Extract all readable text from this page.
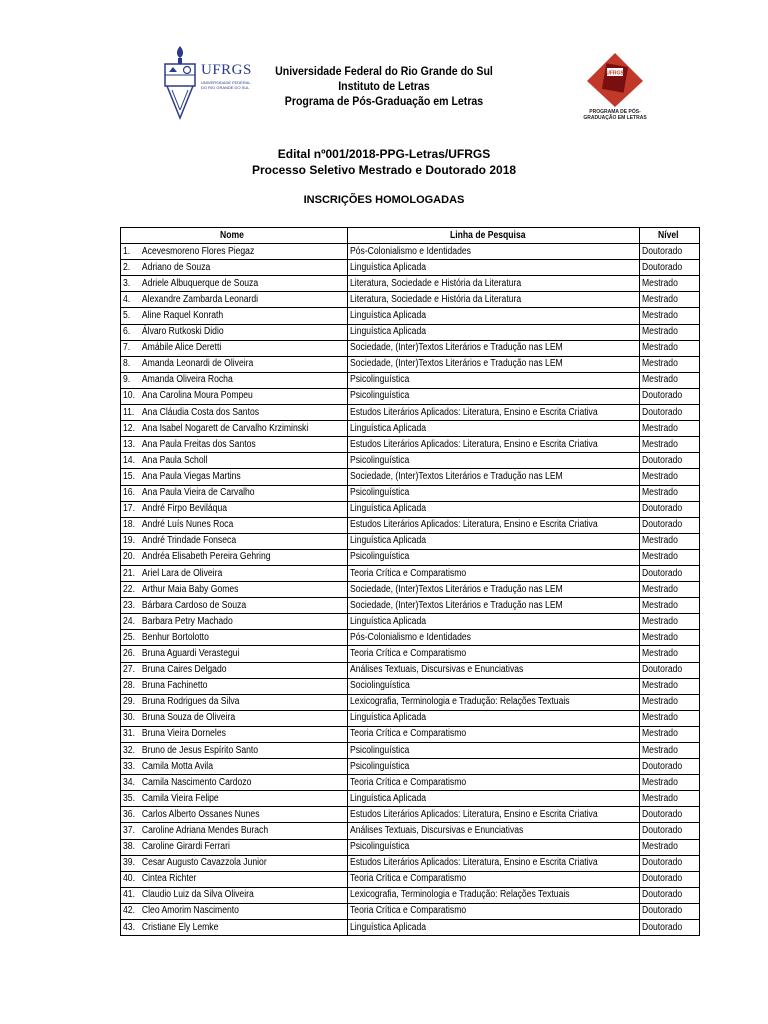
UFRGS
UNIVERSIDADE FEDERAL DO RIO GRANDE DO SUL
Universidade Federal do Rio Grande do Sul
Instituto de Letras
Programa de Pós-Graduação em Letras
UFRGS
PROGRAMA DE PÓS-GRADUAÇÃO EM LETRAS
Edital nº001/2018-PPG-Letras/UFRGS
Processo Seletivo Mestrado e Doutorado 2018
INSCRIÇÕES HOMOLOGADAS
Nome	Linha de Pesquisa	Nível
1. Acevesmoreno Flores Piegaz	Pós-Colonialismo e Identidades	Doutorado
2. Adriano de Souza	Linguística Aplicada	Doutorado
3. Adriele Albuquerque de Souza	Literatura, Sociedade e História da Literatura	Mestrado
4. Alexandre Zambarda Leonardi	Literatura, Sociedade e História da Literatura	Mestrado
5. Aline Raquel Konrath	Linguística Aplicada	Mestrado
6. Álvaro Rutkoski Didio	Linguística Aplicada	Mestrado
7. Amábile Alice Deretti	Sociedade, (Inter)Textos Literários e Tradução nas LEM	Mestrado
8. Amanda Leonardi de Oliveira	Sociedade, (Inter)Textos Literários e Tradução nas LEM	Mestrado
9. Amanda Oliveira Rocha	Psicolinguística	Mestrado
10. Ana Carolina Moura Pompeu	Psicolinguística	Doutorado
11. Ana Cláudia Costa dos Santos	Estudos Literários Aplicados: Literatura, Ensino e Escrita Criativa	Doutorado
12. Ana Isabel Nogarett de Carvalho Krziminski	Linguística Aplicada	Mestrado
13. Ana Paula Freitas dos Santos	Estudos Literários Aplicados: Literatura, Ensino e Escrita Criativa	Mestrado
14. Ana Paula Scholl	Psicolinguística	Doutorado
15. Ana Paula Viegas Martins	Sociedade, (Inter)Textos Literários e Tradução nas LEM	Mestrado
16. Ana Paula Vieira de Carvalho	Psicolinguística	Mestrado
17. André Firpo Beviláqua	Linguística Aplicada	Doutorado
18. André Luís Nunes Roca	Estudos Literários Aplicados: Literatura, Ensino e Escrita Criativa	Doutorado
19. André Trindade Fonseca	Linguística Aplicada	Mestrado
20. Andréa Elisabeth Pereira Gehring	Psicolinguística	Mestrado
21. Ariel Lara de Oliveira	Teoria Crítica e Comparatismo	Doutorado
22. Arthur Maia Baby Gomes	Sociedade, (Inter)Textos Literários e Tradução nas LEM	Mestrado
23. Bárbara Cardoso de Souza	Sociedade, (Inter)Textos Literários e Tradução nas LEM	Mestrado
24. Barbara Petry Machado	Linguística Aplicada	Mestrado
25. Benhur Bortolotto	Pós-Colonialismo e Identidades	Mestrado
26. Bruna Aguardi Verastegui	Teoria Crítica e Comparatismo	Mestrado
27. Bruna Caires Delgado	Análises Textuais, Discursivas e Enunciativas	Doutorado
28. Bruna Fachinetto	Sociolinguística	Mestrado
29. Bruna Rodrigues da Silva	Lexicografia, Terminologia e Tradução: Relações Textuais	Mestrado
30. Bruna Souza de Oliveira	Linguística Aplicada	Mestrado
31. Bruna Vieira Dorneles	Teoria Crítica e Comparatismo	Mestrado
32. Bruno de Jesus Espírito Santo	Psicolinguística	Mestrado
33. Camila Motta Avila	Psicolinguística	Doutorado
34. Camila Nascimento Cardozo	Teoria Crítica e Comparatismo	Mestrado
35. Camila Vieira Felipe	Linguística Aplicada	Mestrado
36. Carlos Alberto Ossanes Nunes	Estudos Literários Aplicados: Literatura, Ensino e Escrita Criativa	Doutorado
37. Caroline Adriana Mendes Burach	Análises Textuais, Discursivas e Enunciativas	Doutorado
38. Caroline Girardi Ferrari	Psicolinguística	Mestrado
39. Cesar Augusto Cavazzola Junior	Estudos Literários Aplicados: Literatura, Ensino e Escrita Criativa	Doutorado
40. Cintea Richter	Teoria Crítica e Comparatismo	Doutorado
41. Claudio Luiz da Silva Oliveira	Lexicografia, Terminologia e Tradução: Relações Textuais	Doutorado
42. Cleo Amorim Nascimento	Teoria Crítica e Comparatismo	Doutorado
43. Cristiane Ely Lemke	Linguística Aplicada	Doutorado
